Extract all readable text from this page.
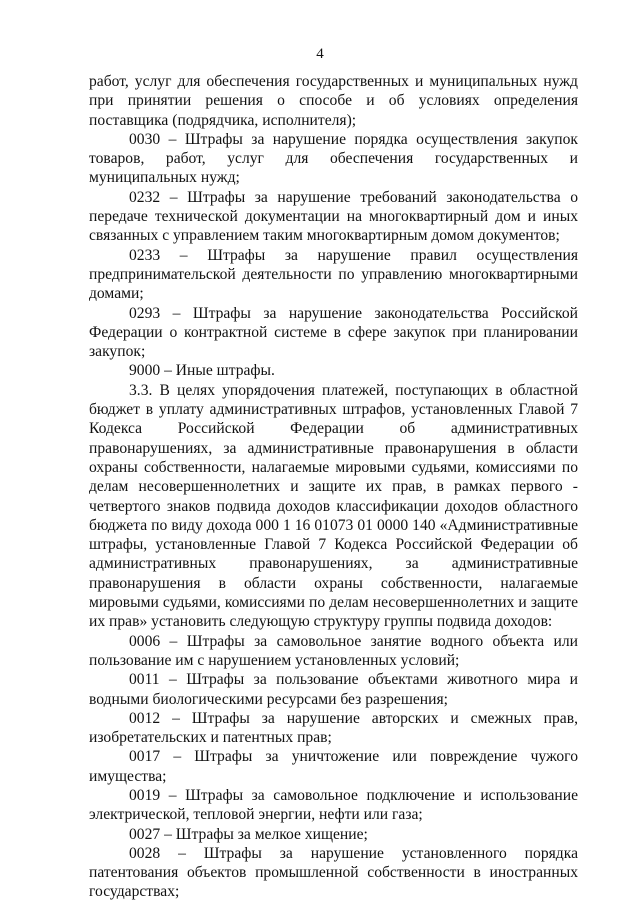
4

работ, услуг для обеспечения государственных и муниципальных нужд при принятии решения о способе и об условиях определения поставщика (подрядчика, исполнителя);

0030 – Штрафы за нарушение порядка осуществления закупок товаров, работ, услуг для обеспечения государственных и муниципальных нужд;

0232 – Штрафы за нарушение требований законодательства о передаче технической документации на многоквартирный дом и иных связанных с управлением таким многоквартирным домом документов;

0233 – Штрафы за нарушение правил осуществления предпринимательской деятельности по управлению многоквартирными домами;

0293 – Штрафы за нарушение законодательства Российской Федерации о контрактной системе в сфере закупок при планировании закупок;

9000 – Иные штрафы.

3.3. В целях упорядочения платежей, поступающих в областной бюджет в уплату административных штрафов, установленных Главой 7 Кодекса Российской Федерации об административных правонарушениях, за административные правонарушения в области охраны собственности, налагаемые мировыми судьями, комиссиями по делам несовершеннолетних и защите их прав, в рамках первого - четвертого знаков подвида доходов классификации доходов областного бюджета по виду дохода 000 1 16 01073 01 0000 140 «Административные штрафы, установленные Главой 7 Кодекса Российской Федерации об административных правонарушениях, за административные правонарушения в области охраны собственности, налагаемые мировыми судьями, комиссиями по делам несовершеннолетних и защите их прав» установить следующую структуру группы подвида доходов:

0006 – Штрафы за самовольное занятие водного объекта или пользование им с нарушением установленных условий;

0011 – Штрафы за пользование объектами животного мира и водными биологическими ресурсами без разрешения;

0012 – Штрафы за нарушение авторских и смежных прав, изобретательских и патентных прав;

0017 – Штрафы за уничтожение или повреждение чужого имущества;

0019 – Штрафы за самовольное подключение и использование электрической, тепловой энергии, нефти или газа;

0027 – Штрафы за мелкое хищение;

0028 – Штрафы за нарушение установленного порядка патентования объектов промышленной собственности в иностранных государствах;
